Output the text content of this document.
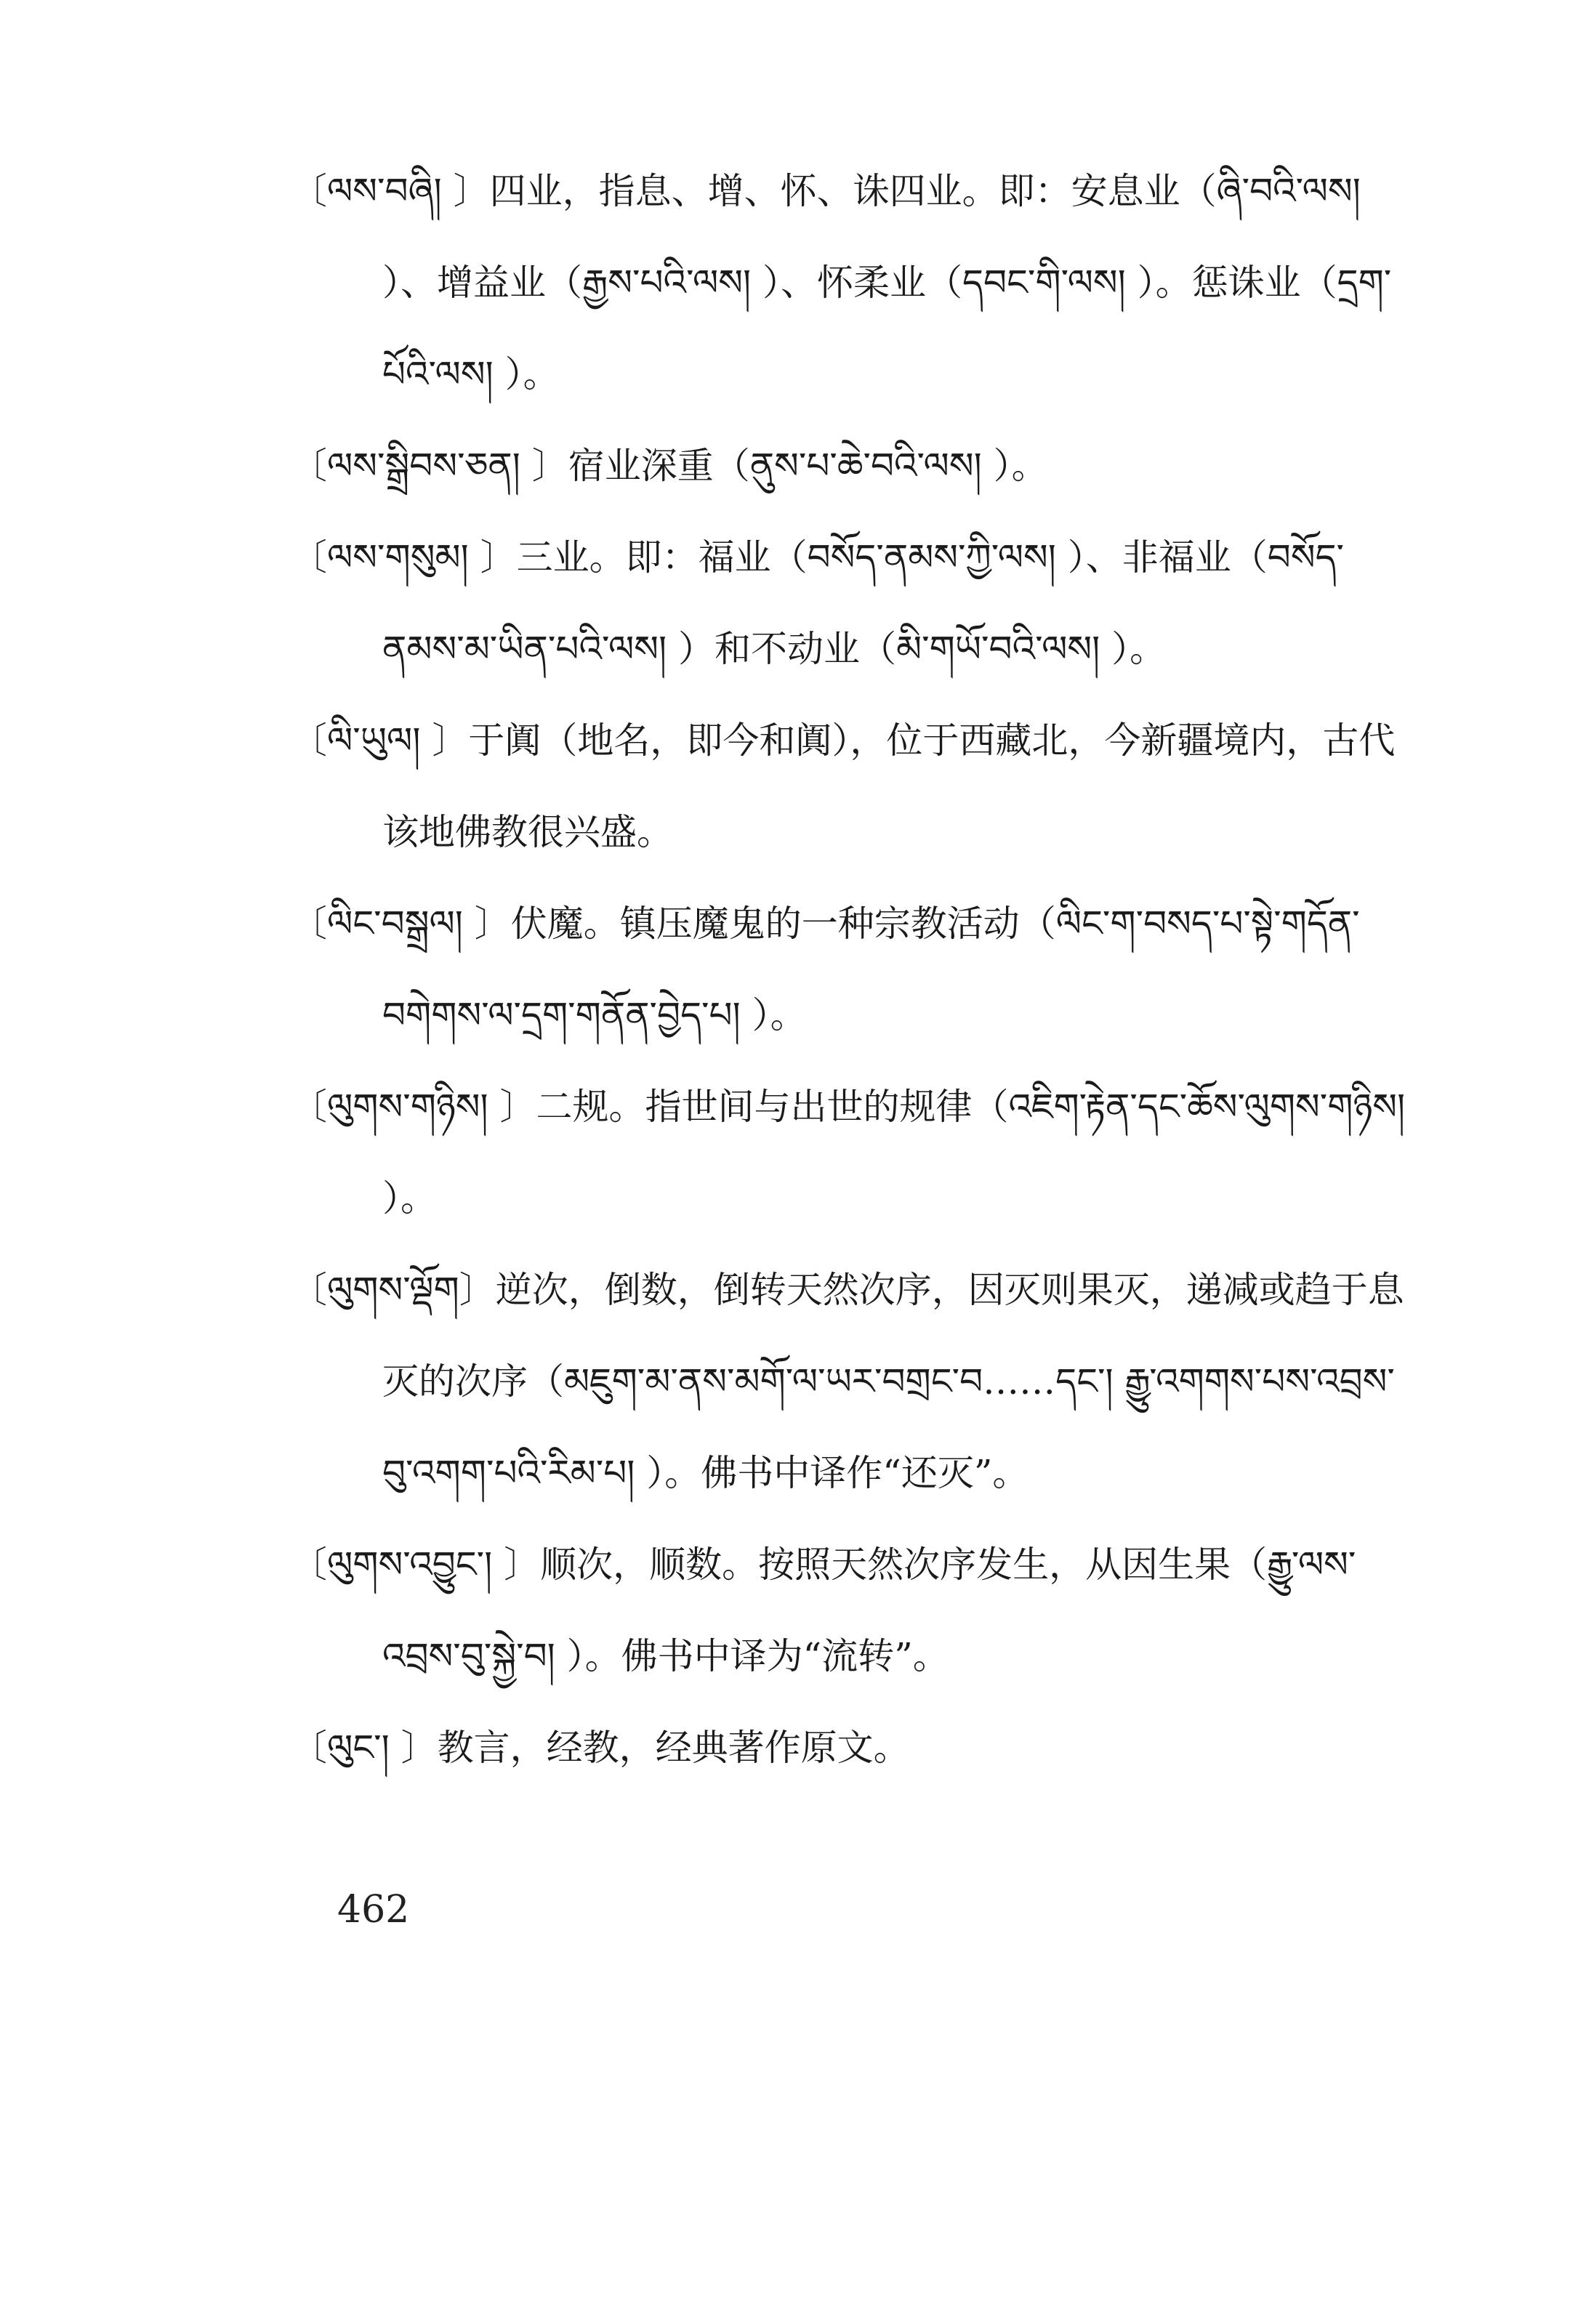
〔ལས་བཞི། 〕四业，指息、增、怀、诛四业。即：安息业（ཞི་བའི་ལས། ）、增益业（རྒྱས་པའི་ལས། ）、怀柔业（དབང་གི་ལས། ）。惩诛业（དྲག་པོའི་ལས། ）。

〔ལས་སྒྲིབས་ཅན། 〕宿业深重（ནུས་པ་ཆེ་བའི་ལས། ）。

〔ལས་གསུམ། 〕三业。即：福业（བསོད་ནམས་ཀྱི་ལས། ）、非福业（བསོད་ནམས་མ་ཡིན་པའི་ལས། ）和不动业（མི་གཡོ་བའི་ལས། ）。

〔ལི་ཡུལ། 〕于阗（地名，即今和阗），位于西藏北，今新疆境内，古代该地佛教很兴盛。

〔ལིང་བསྒྲལ། 〕伏魔。镇压魔鬼的一种宗教活动（ལིང་ག་བསད་པ་སྟེ་གདོན་བགེགས་ལ་དྲག་གནོན་བྱེད་པ། ）。

〔ལུགས་གཉིས། 〕二规。指世间与出世的规律（འཇིག་རྟེན་དང་ཆོས་ལུགས་གཉིས། ）。

〔ལུགས་ལྡོག〕逆次，倒数，倒转天然次序，因灭则果灭，递减或趋于息灭的次序（མཇུག་མ་ནས་མགོ་ལ་ཡར་བགྲང་བ……དང་། རྒྱུ་འགགས་པས་འབྲས་བུ་འགག་པའི་རིམ་པ། ）。佛书中译作“还灭”。

〔ལུགས་འབྱུང་། 〕顺次，顺数。按照天然次序发生，从因生果（རྒྱུ་ལས་འབྲས་བུ་སྐྱེ་བ། ）。佛书中译为“流转”。

〔ལུང་། 〕教言，经教，经典著作原文。

462
